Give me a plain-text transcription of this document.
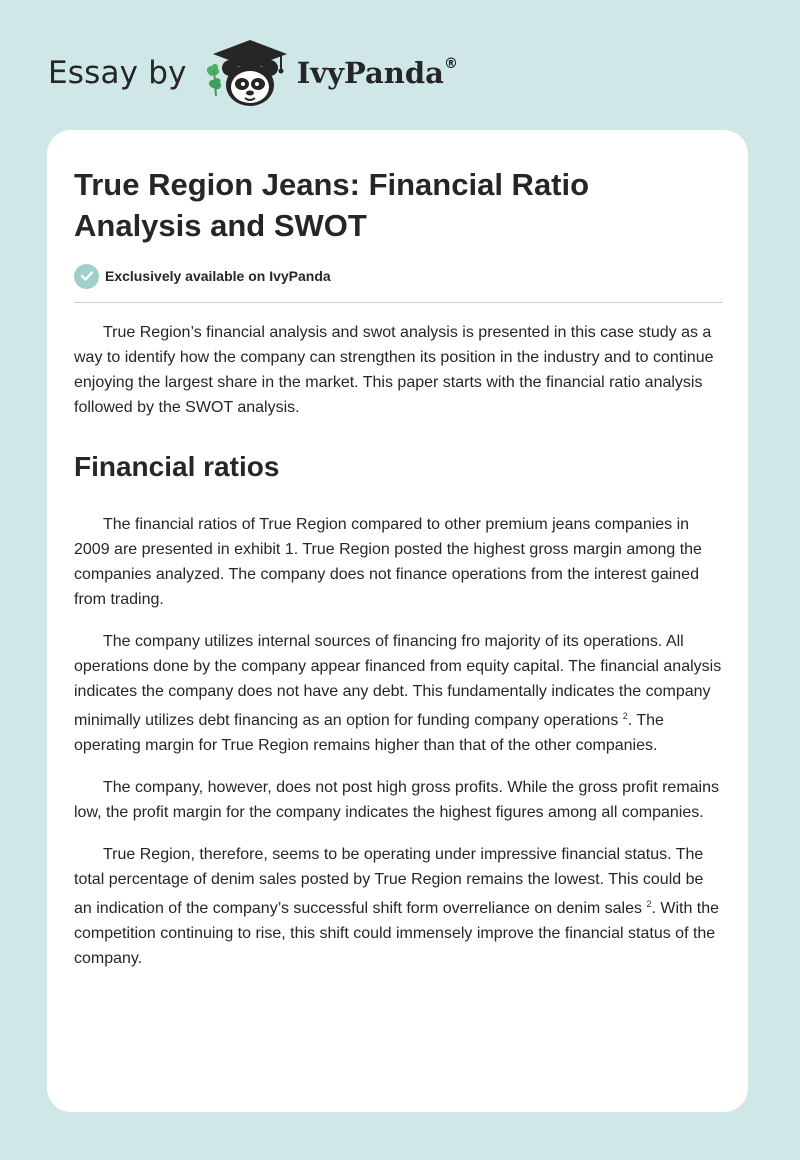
Essay by	IvyPanda®
True Region Jeans: Financial Ratio Analysis and SWOT
Exclusively available on IvyPanda

True Region’s financial analysis and swot analysis is presented in this case study as a way to identify how the company can strengthen its position in the industry and to continue enjoying the largest share in the market. This paper starts with the financial ratio analysis followed by the SWOT analysis.

Financial ratios

The financial ratios of True Region compared to other premium jeans companies in 2009 are presented in exhibit 1. True Region posted the highest gross margin among the companies analyzed. The company does not finance operations from the interest gained from trading.

The company utilizes internal sources of financing fro majority of its operations. All operations done by the company appear financed from equity capital. The financial analysis indicates the company does not have any debt. This fundamentally indicates the company minimally utilizes debt financing as an option for funding company operations $^2$. The operating margin for True Region remains higher than that of the other companies.

The company, however, does not post high gross profits. While the gross profit remains low, the profit margin for the company indicates the highest figures among all companies.

True Region, therefore, seems to be operating under impressive financial status. The total percentage of denim sales posted by True Region remains the lowest. This could be an indication of the company’s successful shift form overreliance on denim sales $^2$. With the competition continuing to rise, this shift could immensely improve the financial status of the company.
